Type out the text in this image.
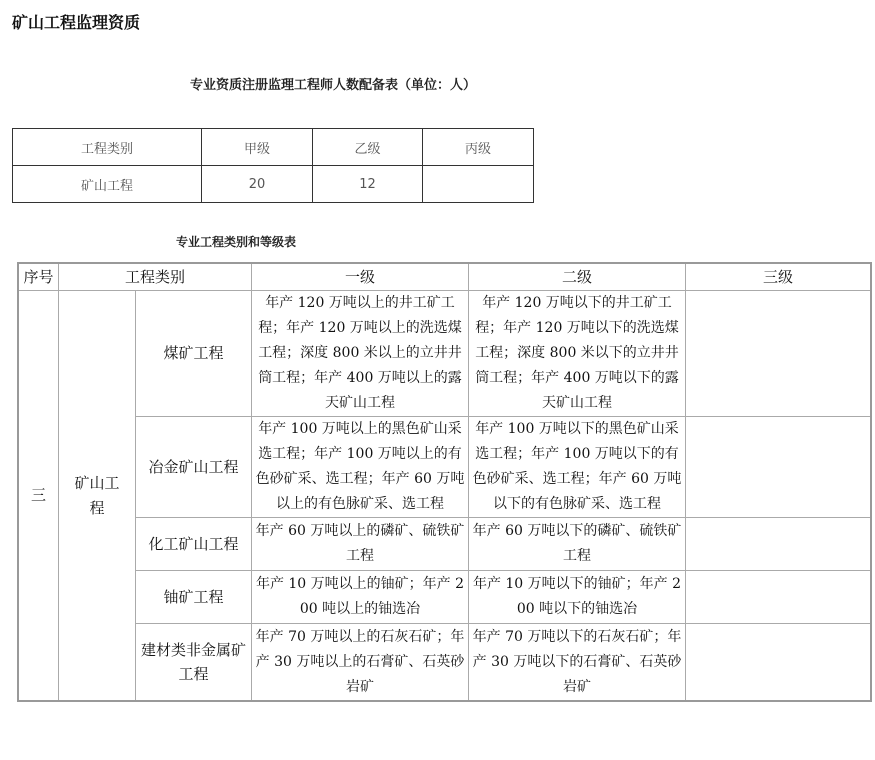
矿山工程监理资质
专业资质注册监理工程师人数配备表（单位：人）
工程类别	甲级	乙级	丙级
矿山工程	20	12	
专业工程类别和等级表
序号	工程类别		一级	二级	三级
三	矿山工程	煤矿工程	年产 120 万吨以上的井工矿工程；年产 120 万吨以上的洗选煤工程；深度 800 米以上的立井井筒工程；年产 400 万吨以上的露天矿山工程	年产 120 万吨以下的井工矿工程；年产 120 万吨以下的洗选煤工程；深度 800 米以下的立井井筒工程；年产 400 万吨以下的露天矿山工程	
		冶金矿山工程	年产 100 万吨以上的黑色矿山采选工程；年产 100 万吨以上的有色砂矿采、选工程；年产 60 万吨以上的有色脉矿采、选工程	年产 100 万吨以下的黑色矿山采选工程；年产 100 万吨以下的有色砂矿采、选工程；年产 60 万吨以下的有色脉矿采、选工程	
		化工矿山工程	年产 60 万吨以上的磷矿、硫铁矿工程	年产 60 万吨以下的磷矿、硫铁矿工程	
		铀矿工程	年产 10 万吨以上的铀矿；年产 200 吨以上的铀选冶	年产 10 万吨以下的铀矿；年产 200 吨以下的铀选冶	
		建材类非金属矿工程	年产 70 万吨以上的石灰石矿；年产 30 万吨以上的石膏矿、石英砂岩矿	年产 70 万吨以下的石灰石矿；年产 30 万吨以下的石膏矿、石英砂岩矿	
